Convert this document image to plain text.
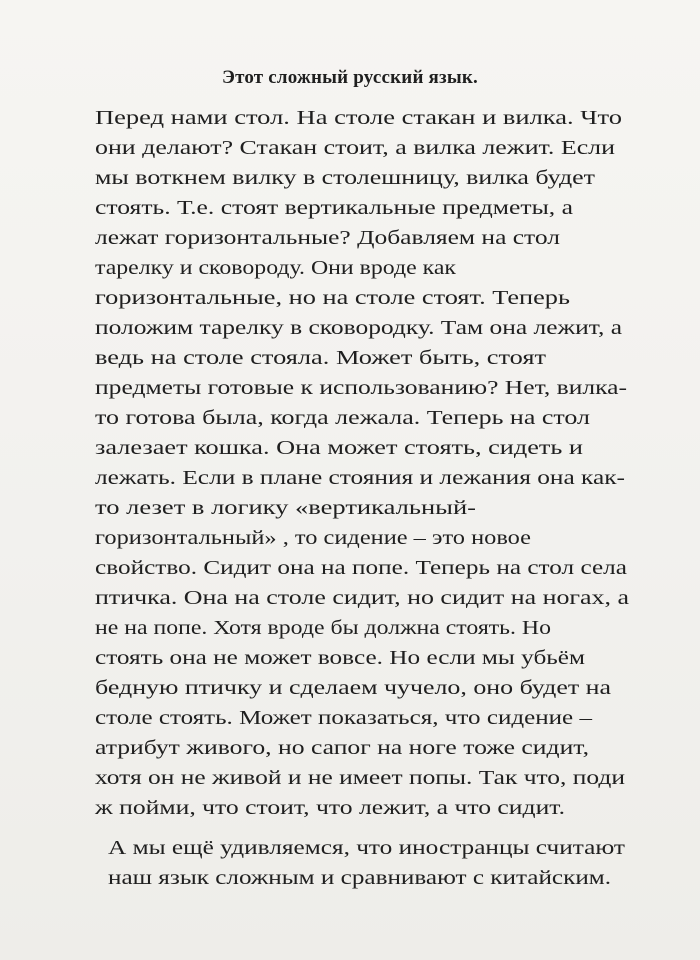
Этот сложный русский язык.
Перед нами стол. На столе стакан и вилка. Что
они делают? Стакан стоит, а вилка лежит. Если
мы воткнем вилку в столешницу, вилка будет
стоять. Т.е. стоят вертикальные предметы, а
лежат горизонтальные? Добавляем на стол
тарелку и сковороду. Они вроде как
горизонтальные, но на столе стоят. Теперь
положим тарелку в сковородку. Там она лежит, а
ведь на столе стояла. Может быть, стоят
предметы готовые к использованию? Нет, вилка-
то готова была, когда лежала. Теперь на стол
залезает кошка. Она может стоять, сидеть и
лежать. Если в плане стояния и лежания она как-
то лезет в логику «вертикальный-
горизонтальный» , то сидение – это новое
свойство. Сидит она на попе. Теперь на стол села
птичка. Она на столе сидит, но сидит на ногах, а
не на попе. Хотя вроде бы должна стоять. Но
стоять она не может вовсе. Но если мы убьём
бедную птичку и сделаем чучело, оно будет на
столе стоять. Может показаться, что сидение –
атрибут живого, но сапог на ноге тоже сидит,
хотя он не живой и не имеет попы. Так что, поди
ж пойми, что стоит, что лежит, а что сидит.
А мы ещё удивляемся, что иностранцы считают
наш язык сложным и сравнивают с китайским.
